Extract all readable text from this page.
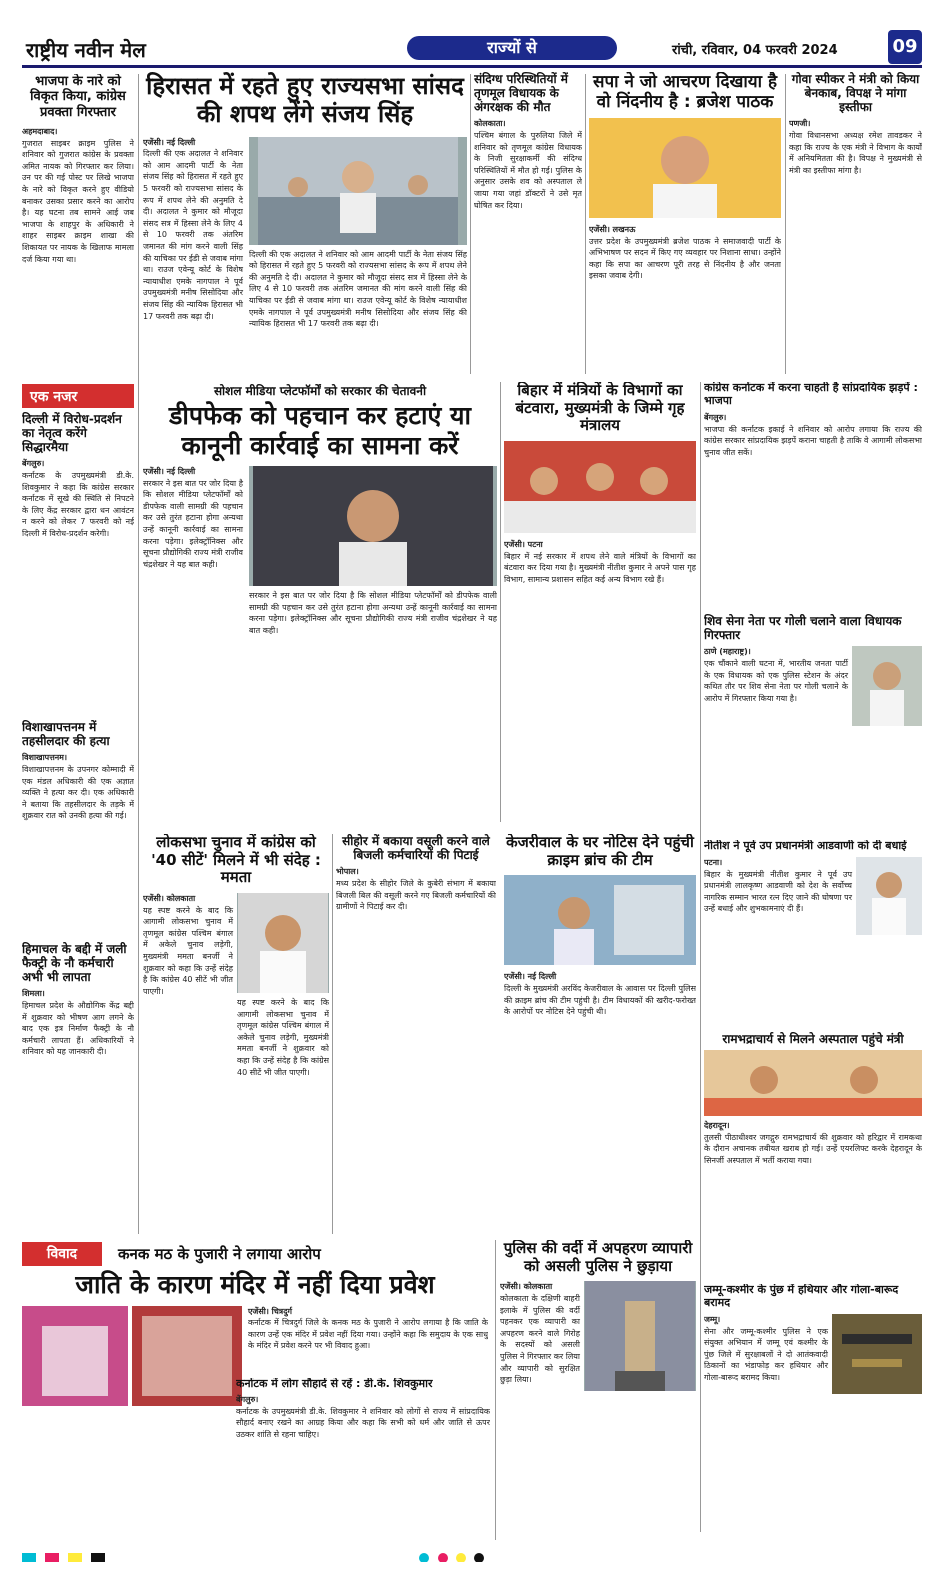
राष्ट्रीय नवीन मेल	राज्यों से	रांची, रविवार, 04 फरवरी 2024	09
भाजपा के नारे को विकृत किया, कांग्रेस प्रवक्ता गिरफ्तार
अहमदाबाद।
गुजरात साइबर क्राइम पुलिस ने शनिवार को गुजरात कांग्रेस के प्रवक्ता अमित नायक को गिरफ्तार कर लिया। उन पर की गई पोस्ट पर लिखे भाजपा के नारे को विकृत करने हुए वीडियो बनाकर उसका प्रसार करने का आरोप है। यह घटना तब सामने आई जब भाजपा के शाहपुर के अधिकारी ने शाहर साइबर क्राइम शाखा की शिकायत पर नायक के खिलाफ मामला दर्ज किया गया था।
एक नजर
दिल्ली में विरोध-प्रदर्शन का नेतृत्व करेंगे सिद्धारमैया
बेंगलुरु।
कर्नाटक के उपमुख्यमंत्री डी.के. शिवकुमार ने कहा कि कांग्रेस सरकार कर्नाटक में सूखे की स्थिति से निपटने के लिए केंद्र सरकार द्वारा धन आवंटन न करने को लेकर 7 फरवरी को नई दिल्ली में विरोध-प्रदर्शन करेगी।
विशाखापत्तनम में तहसीलदार की हत्या
विशाखापत्तनम।
विशाखापत्तनम के उपनगर कोम्मादी में एक मंडल अधिकारी की एक अज्ञात व्यक्ति ने हत्या कर दी। एक अधिकारी ने बताया कि तहसीलदार के तड़के में शुक्रवार रात को उनकी हत्या की गई।
हिमाचल के बद्दी में जली फैक्ट्री के नौ कर्मचारी अभी भी लापता
शिमला।
हिमाचल प्रदेश के औद्योगिक केंद्र बद्दी में शुक्रवार को भीषण आग लगने के बाद एक इत्र निर्माण फैक्ट्री के नौ कर्मचारी लापता हैं। अधिकारियों ने शनिवार को यह जानकारी दी।
हिरासत में रहते हुए राज्यसभा सांसद की शपथ लेंगे संजय सिंह
एजेंसी। नई दिल्ली
दिल्ली की एक अदालत ने शनिवार को आम आदमी पार्टी के नेता संजय सिंह को हिरासत में रहते हुए 5 फरवरी को राज्यसभा सांसद के रूप में शपथ लेने की अनुमति दे दी। अदालत ने कुमार को मौजूदा संसद सत्र में हिस्सा लेने के लिए 4 से 10 फरवरी तक अंतरिम जमानत की मांग करने वाली सिंह की याचिका पर ईडी से जवाब मांगा था। राउज एवेन्यू कोर्ट के विशेष न्यायाधीश एमके नागपाल ने पूर्व उपमुख्यमंत्री मनीष सिसोदिया और संजय सिंह की न्यायिक हिरासत भी 17 फरवरी तक बढ़ा दी।
दिल्ली की एक अदालत ने शनिवार को आम आदमी पार्टी के नेता संजय सिंह को हिरासत में रहते हुए 5 फरवरी को राज्यसभा सांसद के रूप में शपथ लेने की अनुमति दे दी। अदालत ने कुमार को मौजूदा संसद सत्र में हिस्सा लेने के लिए 4 से 10 फरवरी तक अंतरिम जमानत की मांग करने वाली सिंह की याचिका पर ईडी से जवाब मांगा था। राउज एवेन्यू कोर्ट के विशेष न्यायाधीश एमके नागपाल ने पूर्व उपमुख्यमंत्री मनीष सिसोदिया और संजय सिंह की न्यायिक हिरासत भी 17 फरवरी तक बढ़ा दी।
संदिग्ध परिस्थितियों में तृणमूल विधायक के अंगरक्षक की मौत
कोलकाता।
पश्चिम बंगाल के पुरुलिया जिले में शनिवार को तृणमूल कांग्रेस विधायक के निजी सुरक्षाकर्मी की संदिग्ध परिस्थितियों में मौत हो गई। पुलिस के अनुसार उसके शव को अस्पताल ले जाया गया जहां डॉक्टरों ने उसे मृत घोषित कर दिया।
सपा ने जो आचरण दिखाया है वो निंदनीय है : ब्रजेश पाठक
एजेंसी। लखनऊ
उत्तर प्रदेश के उपमुख्यमंत्री ब्रजेश पाठक ने समाजवादी पार्टी के अभिभाषण पर सदन में किए गए व्यवहार पर निशाना साधा। उन्होंने कहा कि सपा का आचरण पूरी तरह से निंदनीय है और जनता इसका जवाब देगी।
गोवा स्पीकर ने मंत्री को किया बेनकाब, विपक्ष ने मांगा इस्तीफा
पणजी।
गोवा विधानसभा अध्यक्ष रमेश तावडकर ने कहा कि राज्य के एक मंत्री ने विभाग के कार्यों में अनियमितता की है। विपक्ष ने मुख्यमंत्री से मंत्री का इस्तीफा मांगा है।
सोशल मीडिया प्लेटफॉर्मों को सरकार की चेतावनी
डीपफेक को पहचान कर हटाएं या कानूनी कार्रवाई का सामना करें
एजेंसी। नई दिल्ली
सरकार ने इस बात पर जोर दिया है कि सोशल मीडिया प्लेटफॉर्मों को डीपफेक वाली सामग्री की पहचान कर उसे तुरंत हटाना होगा अन्यथा उन्हें कानूनी कार्रवाई का सामना करना पड़ेगा। इलेक्ट्रॉनिक्स और सूचना प्रौद्योगिकी राज्य मंत्री राजीव चंद्रशेखर ने यह बात कही।
सरकार ने इस बात पर जोर दिया है कि सोशल मीडिया प्लेटफॉर्मों को डीपफेक वाली सामग्री की पहचान कर उसे तुरंत हटाना होगा अन्यथा उन्हें कानूनी कार्रवाई का सामना करना पड़ेगा। इलेक्ट्रॉनिक्स और सूचना प्रौद्योगिकी राज्य मंत्री राजीव चंद्रशेखर ने यह बात कही।
बिहार में मंत्रियों के विभागों का बंटवारा, मुख्यमंत्री के जिम्मे गृह मंत्रालय
एजेंसी। पटना
बिहार में नई सरकार में शपथ लेने वाले मंत्रियों के विभागों का बंटवारा कर दिया गया है। मुख्यमंत्री नीतीश कुमार ने अपने पास गृह विभाग, सामान्य प्रशासन सहित कई अन्य विभाग रखे हैं।
कांग्रेस कर्नाटक में करना चाहती है सांप्रदायिक झड़पें : भाजपा
बेंगलुरु।
भाजपा की कर्नाटक इकाई ने शनिवार को आरोप लगाया कि राज्य की कांग्रेस सरकार सांप्रदायिक झड़पें कराना चाहती है ताकि वे आगामी लोकसभा चुनाव जीत सकें।
शिव सेना नेता पर गोली चलाने वाला विधायक गिरफ्तार
ठाणे (महाराष्ट्र)।
एक चौंकाने वाली घटना में, भारतीय जनता पार्टी के एक विधायक को एक पुलिस स्टेशन के अंदर कथित तौर पर शिव सेना नेता पर गोली चलाने के आरोप में गिरफ्तार किया गया है।
लोकसभा चुनाव में कांग्रेस को '40 सीटें' मिलने में भी संदेह : ममता
एजेंसी। कोलकाता
यह स्पष्ट करने के बाद कि आगामी लोकसभा चुनाव में तृणमूल कांग्रेस पश्चिम बंगाल में अकेले चुनाव लड़ेगी, मुख्यमंत्री ममता बनर्जी ने शुक्रवार को कहा कि उन्हें संदेह है कि कांग्रेस 40 सीटें भी जीत पाएगी।
यह स्पष्ट करने के बाद कि आगामी लोकसभा चुनाव में तृणमूल कांग्रेस पश्चिम बंगाल में अकेले चुनाव लड़ेगी, मुख्यमंत्री ममता बनर्जी ने शुक्रवार को कहा कि उन्हें संदेह है कि कांग्रेस 40 सीटें भी जीत पाएगी।
सीहोर में बकाया वसूली करने वाले बिजली कर्मचारियों की पिटाई
भोपाल।
मध्य प्रदेश के सीहोर जिले के कुबेरी संभाग में बकाया बिजली बिल की वसूली करने गए बिजली कर्मचारियों की ग्रामीणों ने पिटाई कर दी।
केजरीवाल के घर नोटिस देने पहुंची क्राइम ब्रांच की टीम
एजेंसी। नई दिल्ली
दिल्ली के मुख्यमंत्री अरविंद केजरीवाल के आवास पर दिल्ली पुलिस की क्राइम ब्रांच की टीम पहुंची है। टीम विधायकों की खरीद-फरोख्त के आरोपों पर नोटिस देने पहुंची थी।
नीतीश ने पूर्व उप प्रधानमंत्री आडवाणी को दी बधाई
पटना।
बिहार के मुख्यमंत्री नीतीश कुमार ने पूर्व उप प्रधानमंत्री लालकृष्ण आडवाणी को देश के सर्वोच्च नागरिक सम्मान भारत रत्न दिए जाने की घोषणा पर उन्हें बधाई और शुभकामनाएं दी हैं।
रामभद्राचार्य से मिलने अस्पताल पहुंचे मंत्री
देहरादून।
तुलसी पीठाधीश्वर जगद्गुरु रामभद्राचार्य की शुक्रवार को हरिद्वार में रामकथा के दौरान अचानक तबीयत खराब हो गई। उन्हें एयरलिफ्ट करके देहरादून के सिनर्जी अस्पताल में भर्ती कराया गया।
विवाद	कनक मठ के पुजारी ने लगाया आरोप
जाति के कारण मंदिर में नहीं दिया प्रवेश
एजेंसी। चित्रदुर्ग
कर्नाटक में चित्रदुर्ग जिले के कनक मठ के पुजारी ने आरोप लगाया है कि जाति के कारण उन्हें एक मंदिर में प्रवेश नहीं दिया गया। उन्होंने कहा कि समुदाय के एक साधु के मंदिर में प्रवेश करने पर भी विवाद हुआ।
कर्नाटक में लोग सौहार्द से रहें : डी.के. शिवकुमार
बेंगलुरु।
कर्नाटक के उपमुख्यमंत्री डी.के. शिवकुमार ने शनिवार को लोगों से राज्य में सांप्रदायिक सौहार्द बनाए रखने का आग्रह किया और कहा कि सभी को धर्म और जाति से ऊपर उठकर शांति से रहना चाहिए।
पुलिस की वर्दी में अपहरण व्यापारी को असली पुलिस ने छुड़ाया
एजेंसी। कोलकाता
कोलकाता के दक्षिणी बाहरी इलाके में पुलिस की वर्दी पहनकर एक व्यापारी का अपहरण करने वाले गिरोह के सदस्यों को असली पुलिस ने गिरफ्तार कर लिया और व्यापारी को सुरक्षित छुड़ा लिया।
जम्मू-कश्मीर के पुंछ में हथियार और गोला-बारूद बरामद
जम्मू।
सेना और जम्मू-कश्मीर पुलिस ने एक संयुक्त अभियान में जम्मू एवं कश्मीर के पुंछ जिले में सुरक्षाबलों ने दो आतंकवादी ठिकानों का भंडाफोड़ कर हथियार और गोला-बारूद बरामद किया।
